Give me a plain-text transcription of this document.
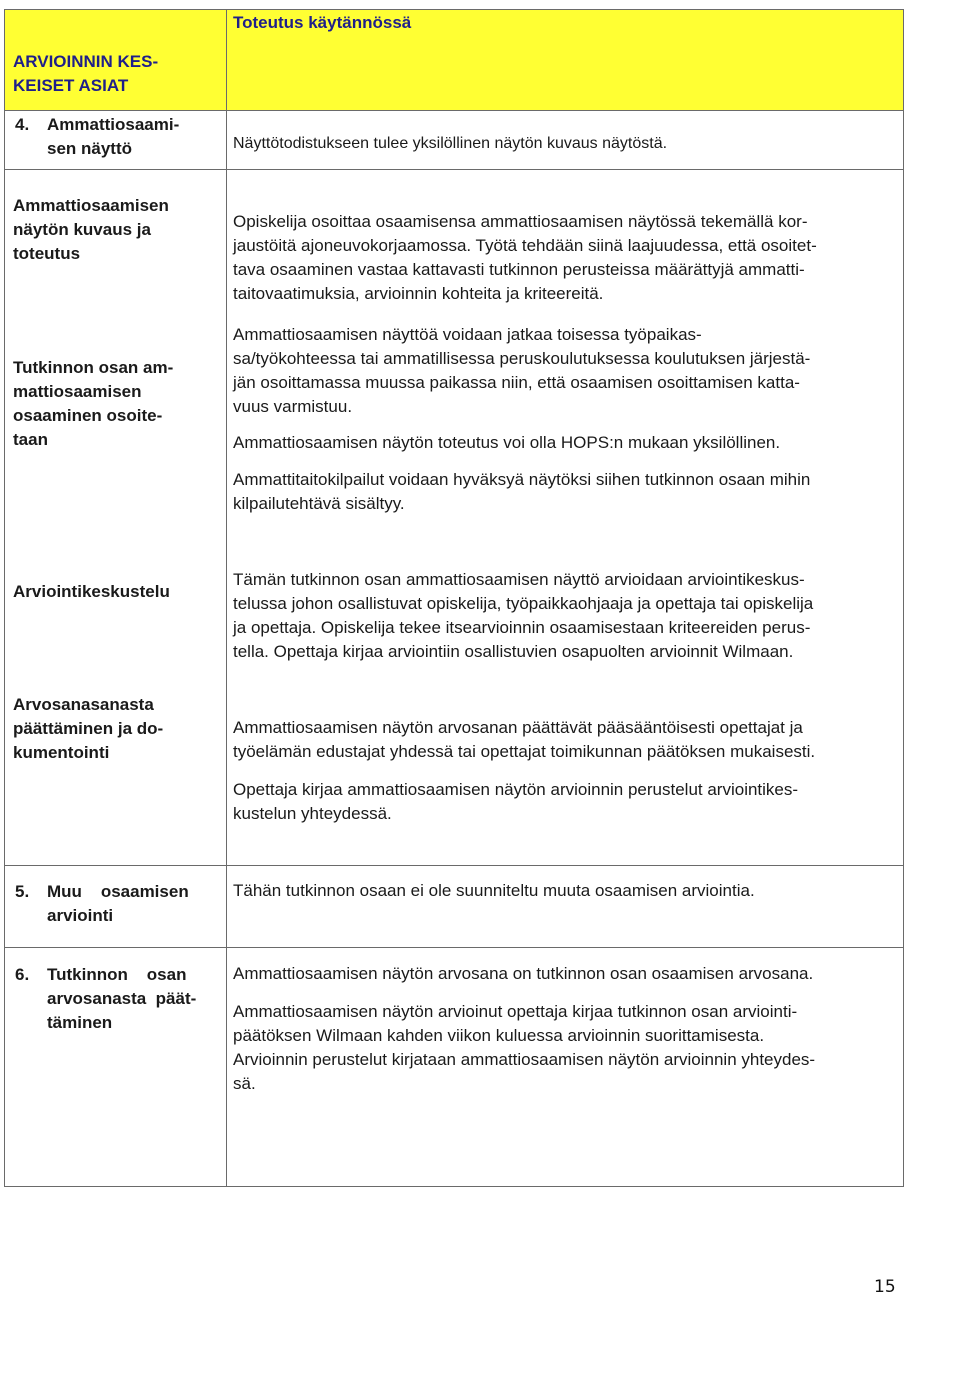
ARVIOINNIN KES-
KEISET ASIAT
Toteutus käytännössä
4. Ammattiosaami-
sen näyttö	Näyttötodistukseen tulee yksilöllinen näytön kuvaus näytöstä.
Ammattiosaamisen
näytön kuvaus ja
toteutus
Opiskelija osoittaa osaamisensa ammattiosaamisen näytössä tekemällä kor-
jaustöitä ajoneuvokorjaamossa. Työtä tehdään siinä laajuudessa, että osoitet-
tava osaaminen vastaa kattavasti tutkinnon perusteissa määrättyjä ammatti-
taitovaatimuksia, arvioinnin kohteita ja kriteereitä.
Tutkinnon osan am-
mattiosaamisen
osaaminen osoite-
taan
Ammattiosaamisen näyttöä voidaan jatkaa toisessa työpaikas-
sa/työkohteessa tai ammatillisessa peruskoulutuksessa koulutuksen järjestä-
jän osoittamassa muussa paikassa niin, että osaamisen osoittamisen katta-
vuus varmistuu.
Ammattiosaamisen näytön toteutus voi olla HOPS:n mukaan yksilöllinen.
Ammattitaitokilpailut voidaan hyväksyä näytöksi siihen tutkinnon osaan mihin
kilpailutehtävä sisältyy.
Arviointikeskustelu
Tämän tutkinnon osan ammattiosaamisen näyttö arvioidaan arviointikeskus-
telussa johon osallistuvat opiskelija, työpaikkaohjaaja ja opettaja tai opiskelija
ja opettaja. Opiskelija tekee itsearvioinnin osaamisestaan kriteereiden perus-
tella. Opettaja kirjaa arviointiin osallistuvien osapuolten arvioinnit Wilmaan.
Arvosanasanasta
päättäminen ja do-
kumentointi
Ammattiosaamisen näytön arvosanan päättävät pääsääntöisesti opettajat ja
työelämän edustajat yhdessä tai opettajat toimikunnan päätöksen mukaisesti.
Opettaja kirjaa ammattiosaamisen näytön arvioinnin perustelut arviointikes-
kustelun yhteydessä.
5. Muu    osaamisen
arviointi
Tähän tutkinnon osaan ei ole suunniteltu muuta osaamisen arviointia.
6. Tutkinnon    osan
arvosanasta  päät-
täminen
Ammattiosaamisen näytön arvosana on tutkinnon osan osaamisen arvosana.
Ammattiosaamisen näytön arvioinut opettaja kirjaa tutkinnon osan arviointi-
päätöksen Wilmaan kahden viikon kuluessa arvioinnin suorittamisesta.
Arvioinnin perustelut kirjataan ammattiosaamisen näytön arvioinnin yhteydes-
sä.
15
